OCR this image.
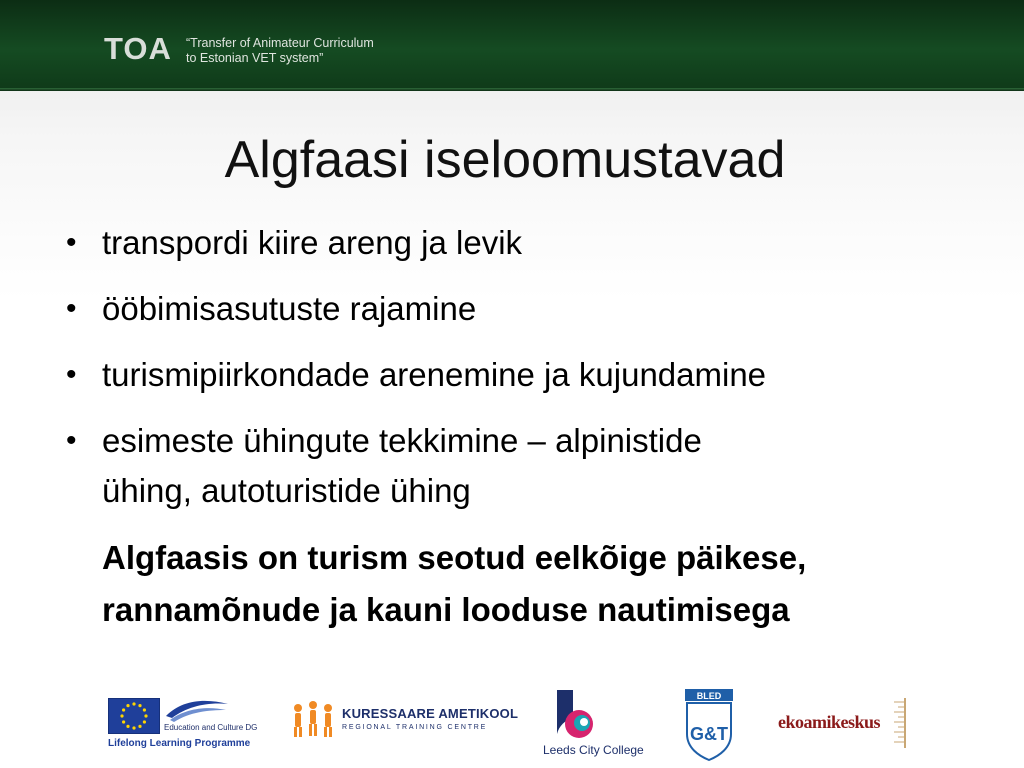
TOA “Transfer of Animateur Curriculum
to Estonian VET system”
Algfaasi iseloomustavad
• transpordi kiire areng ja levik
• ööbimisasutuste rajamine
• turismipiirkondade arenemine ja kujundamine
• esimeste ühingute tekkimine – alpinistide
ühing, autoturistide ühing
Algfaasis on turism seotud eelkõige päikese,
rannamõnude ja kauni looduse nautimisega
Education and Culture DG
Lifelong Learning Programme
KURESSAARE AMETIKOOL
REGIONAL TRAINING CENTRE
Leeds City College
BLED
G&T
ekoamikeskus
